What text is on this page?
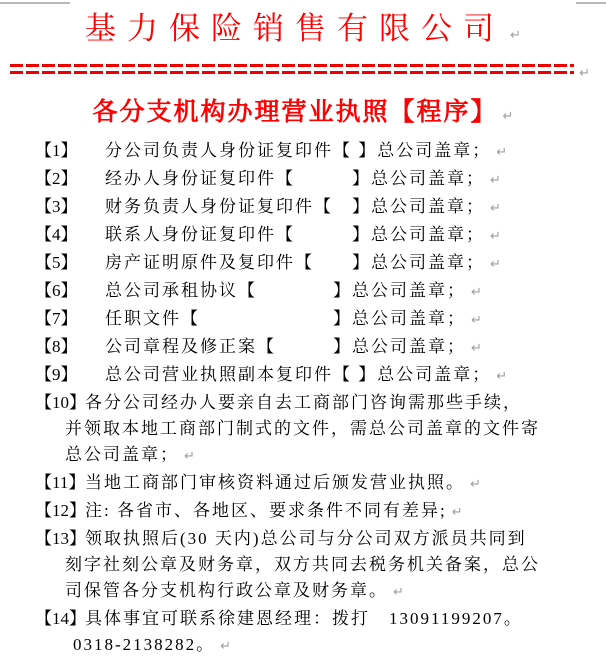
基力保险销售有限公司 ↵
↵
各分支机构办理营业执照【程序】 ↵
【1】	分公司负责人身份证复印件【 】总公司盖章； ↵
【2】	经办人身份证复印件【　　　】总公司盖章； ↵
【3】	财务负责人身份证复印件【　】总公司盖章； ↵
【4】	联系人身份证复印件【　　　】总公司盖章； ↵
【5】	房产证明原件及复印件【　　】总公司盖章； ↵
【6】	总公司承租协议【　　　　】总公司盖章； ↵
【7】	任职文件【　　　　　　　】总公司盖章； ↵
【8】	公司章程及修正案【　　　】总公司盖章； ↵
【9】	总公司营业执照副本复印件【 】总公司盖章； ↵
【10】 各分公司经办人要亲自去工商部门咨询需那些手续，
并领取本地工商部门制式的文件，需总公司盖章的文件寄
总公司盖章； ↵
【11】 当地工商部门审核资料通过后颁发营业执照。 ↵
【12】 注: 各省市、各地区、要求条件不同有差异; ↵
【13】 领取执照后(30 天内)总公司与分公司双方派员共同到
刻字社刻公章及财务章，双方共同去税务机关备案，总公
司保管各分支机构行政公章及财务章。 ↵
【14】 具体事宜可联系徐建恩经理：拨打　13091199207。
0318-2138282。 ↵
